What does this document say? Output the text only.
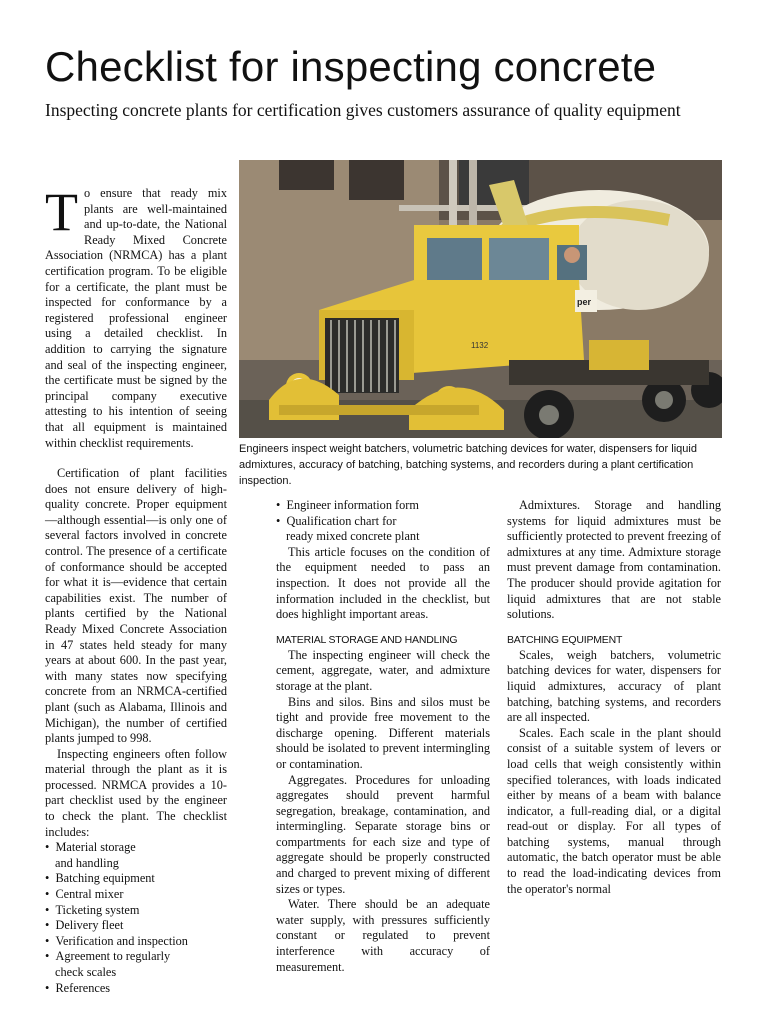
Checklist for inspecting concrete

Inspecting concrete plants for certification gives customers assurance of quality equipment

per
1132

Engineers inspect weight batchers, volumetric batching devices for water, dispensers for liquid admixtures, accuracy of batching, batching systems, and recorders during a plant certification inspection.

To ensure that ready mix plants are well-maintained and up-to-date, the National Ready Mixed Concrete Association (NRMCA) has a plant certification program. To be eligible for a certificate, the plant must be inspected for conformance by a registered professional engineer using a detailed checklist. In addition to carrying the signature and seal of the inspecting engineer, the certificate must be signed by the principal company executive attesting to his intention of seeing that all equipment is maintained within checklist requirements.

Certification of plant facilities does not ensure delivery of high-quality concrete. Proper equipment—although essential—is only one of several factors involved in concrete control. The presence of a certificate of conformance should be accepted for what it is—evidence that certain capabilities exist. The number of plants certified by the National Ready Mixed Concrete Association in 47 states held steady for many years at about 600. In the past year, with many states now specifying concrete from an NRMCA-certified plant (such as Alabama, Illinois and Michigan), the number of certified plants jumped to 998.

Inspecting engineers often follow material through the plant as it is processed. NRMCA provides a 10-part checklist used by the engineer to check the plant. The checklist includes:

•  Material storage
and handling
•  Batching equipment
•  Central mixer
•  Ticketing system
•  Delivery fleet
•  Verification and inspection
•  Agreement to regularly
check scales
•  References
•  Engineer information form
•  Qualification chart for
ready mixed concrete plant

This article focuses on the condition of the equipment needed to pass an inspection. It does not provide all the information included in the checklist, but does highlight important areas.

MATERIAL STORAGE AND HANDLING

The inspecting engineer will check the cement, aggregate, water, and admixture storage at the plant.

Bins and silos. Bins and silos must be tight and provide free movement to the discharge opening. Different materials should be isolated to prevent intermingling or contamination.

Aggregates. Procedures for unloading aggregates should prevent harmful segregation, breakage, contamination, and intermingling. Separate storage bins or compartments for each size and type of aggregate should be properly constructed and charged to prevent mixing of different sizes or types.

Water. There should be an adequate water supply, with pressures sufficiently constant or regulated to prevent interference with accuracy of measurement.

Admixtures. Storage and handling systems for liquid admixtures must be sufficiently protected to prevent freezing of admixtures at any time. Admixture storage must prevent damage from contamination. The producer should provide agitation for liquid admixtures that are not stable solutions.

BATCHING EQUIPMENT

Scales, weigh batchers, volumetric batching devices for water, dispensers for liquid admixtures, accuracy of plant batching, batching systems, and recorders are all inspected.

Scales. Each scale in the plant should consist of a suitable system of levers or load cells that weigh consistently within specified tolerances, with loads indicated either by means of a beam with balance indicator, a full-reading dial, or a digital read-out or display. For all types of batching systems, manual through automatic, the batch operator must be able to read the load-indicating devices from the operator's normal
